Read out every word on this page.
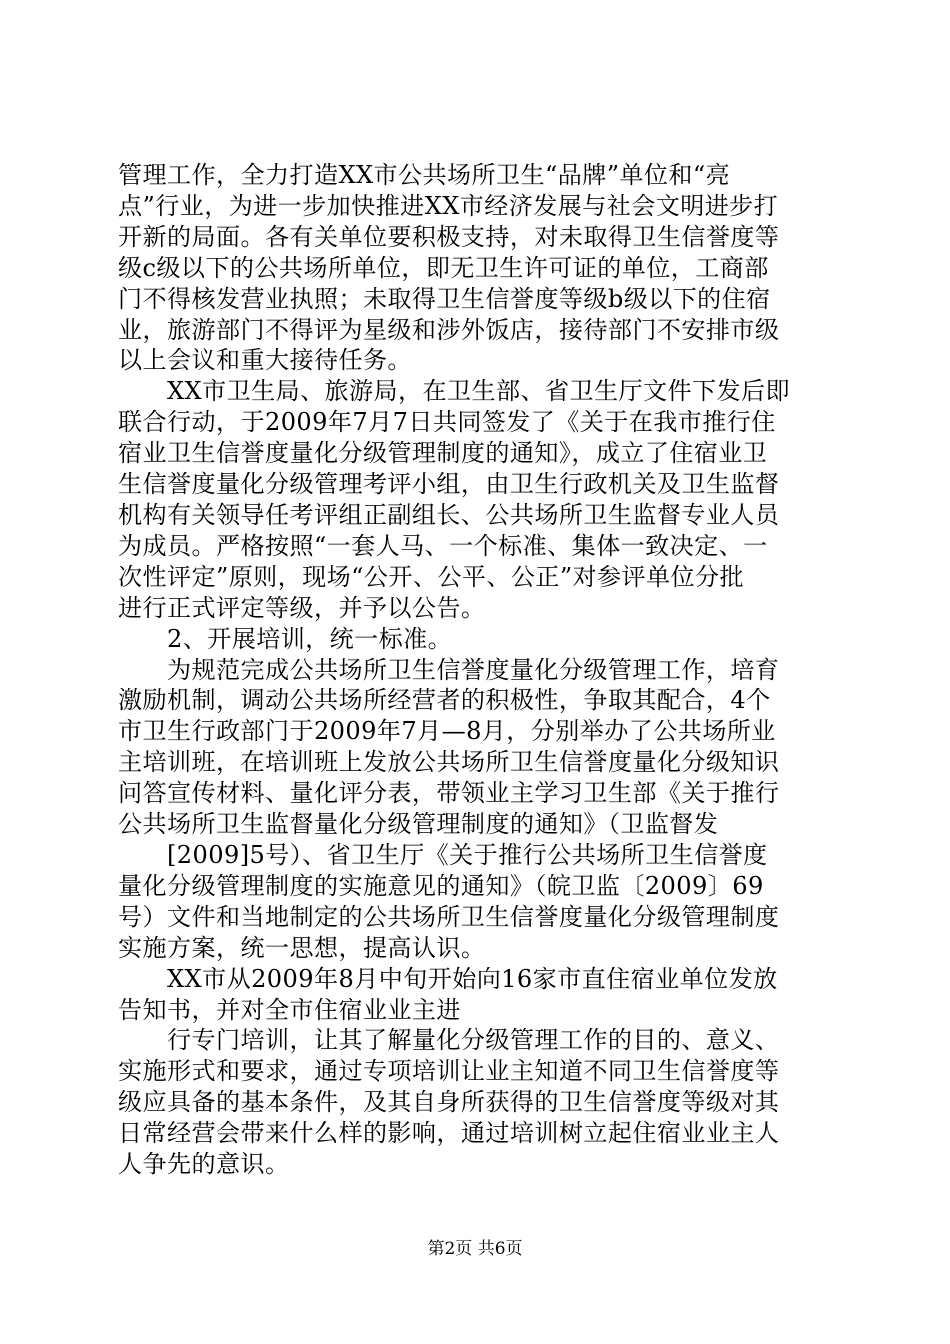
管理工作，全力打造XX市公共场所卫生“品牌”单位和“亮
点”行业，为进一步加快推进XX市经济发展与社会文明进步打
开新的局面。各有关单位要积极支持，对未取得卫生信誉度等
级c级以下的公共场所单位，即无卫生许可证的单位，工商部
门不得核发营业执照；未取得卫生信誉度等级b级以下的住宿
业，旅游部门不得评为星级和涉外饭店，接待部门不安排市级
以上会议和重大接待任务。
　　XX市卫生局、旅游局，在卫生部、省卫生厅文件下发后即
联合行动，于2009年7月7日共同签发了《关于在我市推行住
宿业卫生信誉度量化分级管理制度的通知》，成立了住宿业卫
生信誉度量化分级管理考评小组，由卫生行政机关及卫生监督
机构有关领导任考评组正副组长、公共场所卫生监督专业人员
为成员。严格按照“一套人马、一个标准、集体一致决定、一
次性评定”原则，现场“公开、公平、公正”对参评单位分批
进行正式评定等级，并予以公告。
　　2、开展培训，统一标准。
　　为规范完成公共场所卫生信誉度量化分级管理工作，培育
激励机制，调动公共场所经营者的积极性，争取其配合，4个
市卫生行政部门于2009年7月—8月，分别举办了公共场所业
主培训班，在培训班上发放公共场所卫生信誉度量化分级知识
问答宣传材料、量化评分表，带领业主学习卫生部《关于推行
公共场所卫生监督量化分级管理制度的通知》（卫监督发
　　[2009]5号）、省卫生厅《关于推行公共场所卫生信誉度
量化分级管理制度的实施意见的通知》（皖卫监〔2009〕69
号）文件和当地制定的公共场所卫生信誉度量化分级管理制度
实施方案，统一思想，提高认识。
　　XX市从2009年8月中旬开始向16家市直住宿业单位发放
告知书，并对全市住宿业业主进
　　行专门培训，让其了解量化分级管理工作的目的、意义、
实施形式和要求，通过专项培训让业主知道不同卫生信誉度等
级应具备的基本条件，及其自身所获得的卫生信誉度等级对其
日常经营会带来什么样的影响，通过培训树立起住宿业业主人
人争先的意识。
第2页 共6页
